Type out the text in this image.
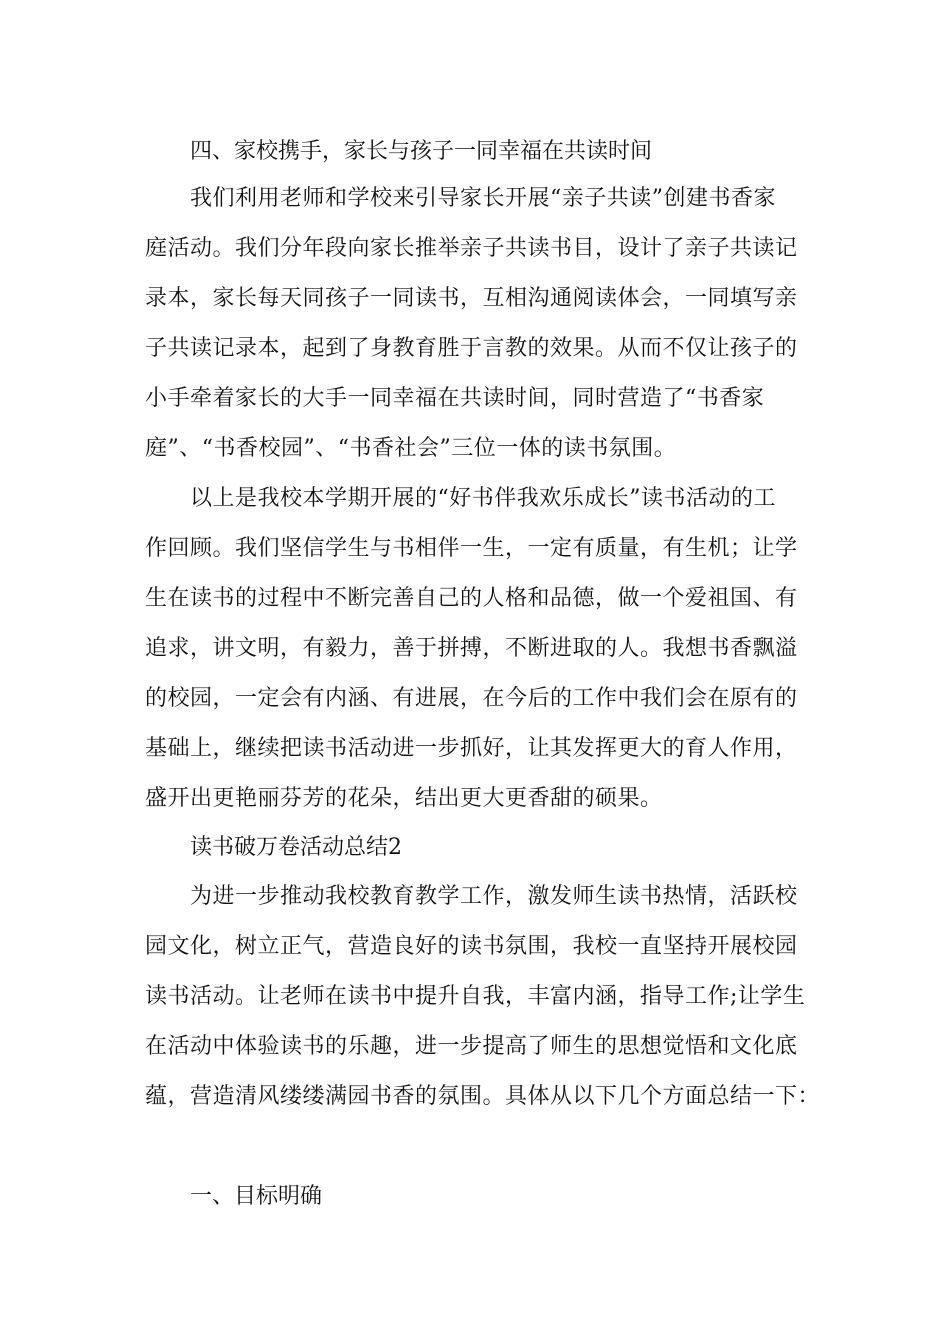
四、家校携手，家长与孩子一同幸福在共读时间
我们利用老师和学校来引导家长开展“亲子共读”创建书香家
庭活动。我们分年段向家长推举亲子共读书目，设计了亲子共读记
录本，家长每天同孩子一同读书，互相沟通阅读体会，一同填写亲
子共读记录本，起到了身教育胜于言教的效果。从而不仅让孩子的
小手牵着家长的大手一同幸福在共读时间，同时营造了“书香家
庭”、“书香校园”、“书香社会”三位一体的读书氛围。
以上是我校本学期开展的“好书伴我欢乐成长”读书活动的工
作回顾。我们坚信学生与书相伴一生，一定有质量，有生机；让学
生在读书的过程中不断完善自己的人格和品德，做一个爱祖国、有
追求，讲文明，有毅力，善于拼搏，不断进取的人。我想书香飘溢
的校园，一定会有内涵、有进展，在今后的工作中我们会在原有的
基础上，继续把读书活动进一步抓好，让其发挥更大的育人作用，
盛开出更艳丽芬芳的花朵，结出更大更香甜的硕果。
读书破万卷活动总结2
为进一步推动我校教育教学工作，激发师生读书热情，活跃校
园文化，树立正气，营造良好的读书氛围，我校一直坚持开展校园
读书活动。让老师在读书中提升自我，丰富内涵，指导工作;让学生
在活动中体验读书的乐趣，进一步提高了师生的思想觉悟和文化底
蕴，营造清风缕缕满园书香的氛围。具体从以下几个方面总结一下：
一、目标明确
